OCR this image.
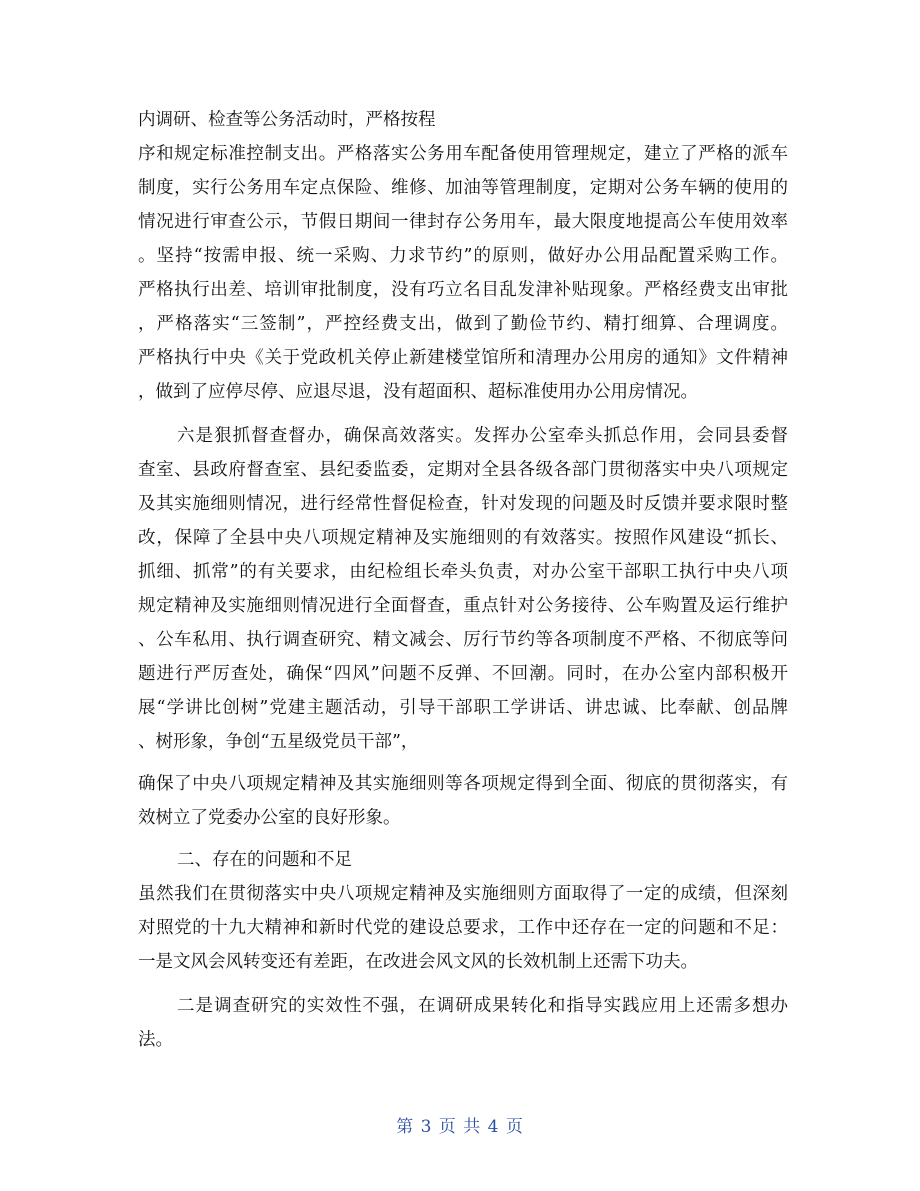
内调研、检查等公务活动时，严格按程
序和规定标准控制支出。严格落实公务用车配备使用管理规定，建立了严格的派车
制度，实行公务用车定点保险、维修、加油等管理制度，定期对公务车辆的使用的
情况进行审查公示，节假日期间一律封存公务用车，最大限度地提高公车使用效率
。坚持“按需申报、统一采购、力求节约”的原则，做好办公用品配置采购工作。
严格执行出差、培训审批制度，没有巧立名目乱发津补贴现象。严格经费支出审批
，严格落实“三签制”，严控经费支出，做到了勤俭节约、精打细算、合理调度。
严格执行中央《关于党政机关停止新建楼堂馆所和清理办公用房的通知》文件精神
，做到了应停尽停、应退尽退，没有超面积、超标准使用办公用房情况。
六是狠抓督查督办，确保高效落实。发挥办公室牵头抓总作用，会同县委督
查室、县政府督查室、县纪委监委，定期对全县各级各部门贯彻落实中央八项规定
及其实施细则情况，进行经常性督促检查，针对发现的问题及时反馈并要求限时整
改，保障了全县中央八项规定精神及实施细则的有效落实。按照作风建设“抓长、
抓细、抓常”的有关要求，由纪检组长牵头负责，对办公室干部职工执行中央八项
规定精神及实施细则情况进行全面督查，重点针对公务接待、公车购置及运行维护
、公车私用、执行调查研究、精文减会、厉行节约等各项制度不严格、不彻底等问
题进行严厉查处，确保“四风”问题不反弹、不回潮。同时，在办公室内部积极开
展“学讲比创树”党建主题活动，引导干部职工学讲话、讲忠诚、比奉献、创品牌
、树形象，争创“五星级党员干部”，
确保了中央八项规定精神及其实施细则等各项规定得到全面、彻底的贯彻落实，有
效树立了党委办公室的良好形象。
二、存在的问题和不足
虽然我们在贯彻落实中央八项规定精神及实施细则方面取得了一定的成绩，但深刻
对照党的十九大精神和新时代党的建设总要求，工作中还存在一定的问题和不足：
一是文风会风转变还有差距，在改进会风文风的长效机制上还需下功夫。
二是调查研究的实效性不强，在调研成果转化和指导实践应用上还需多想办
法。
第 3 页 共 4 页
